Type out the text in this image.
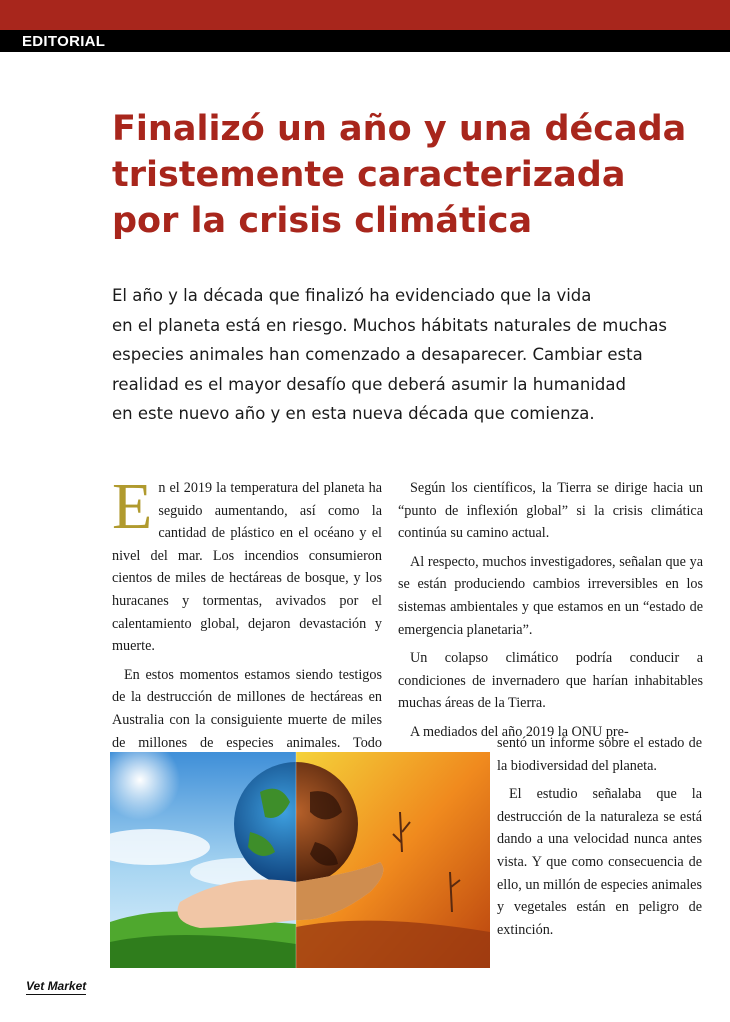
EDITORIAL
Finalizó un año y una década tristemente caracterizada por la crisis climática
El año y la década que finalizó ha evidenciado que la vida
en el planeta está en riesgo. Muchos hábitats naturales de muchas
especies animales han comenzado a desaparecer. Cambiar esta
realidad es el mayor desafío que deberá asumir la humanidad
en este nuevo año y en esta nueva década que comienza.

En el 2019 la temperatura del planeta ha seguido aumentando, así como la cantidad de plástico en el océano y el nivel del mar. Los incendios consumieron cientos de miles de hectáreas de bosque, y los huracanes y tormentas, avivados por el calentamiento global, dejaron devastación y muerte.

En estos momentos estamos siendo testigos de la destrucción de millones de hectáreas en Australia con la consiguiente muerte de miles de millones de especies animales. Todo

Según los científicos, la Tierra se dirige hacia un “punto de inflexión global” si la crisis climática continúa su camino actual.

Al respecto, muchos investigadores, señalan que ya se están produciendo cambios irreversibles en los sistemas ambientales y que estamos en un “estado de emergencia planetaria”.

Un colapso climático podría conducir a condiciones de invernadero que harían inhabitables muchas áreas de la Tierra.

A mediados del año 2019 la ONU pre-

sentó un informe sobre el estado de la biodiversidad del planeta.

El estudio señalaba que la destrucción de la naturaleza se está dando a una velocidad nunca antes vista. Y que como consecuencia de ello, un millón de especies animales y vegetales están en peligro de extinción.

Vet Market
